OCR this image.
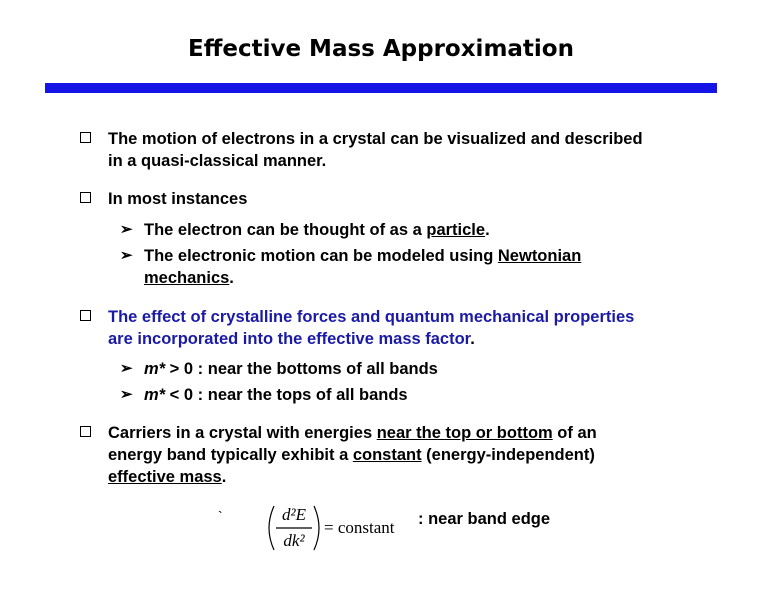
Effective Mass Approximation
The motion of electrons in a crystal can be visualized and described
in a quasi-classical manner.
In most instances
➢ The electron can be thought of as a particle.
➢ The electronic motion can be modeled using Newtonian
mechanics.
The effect of crystalline forces and quantum mechanical properties
are incorporated into the effective mass factor.
➢ m* > 0 : near the bottoms of all bands
➢ m* < 0 : near the tops of all bands
Carriers in a crystal with energies near the top or bottom of an
energy band typically exhibit a constant (energy-independent)
effective mass.
`	d²E
dk²
= constant : near band edge
